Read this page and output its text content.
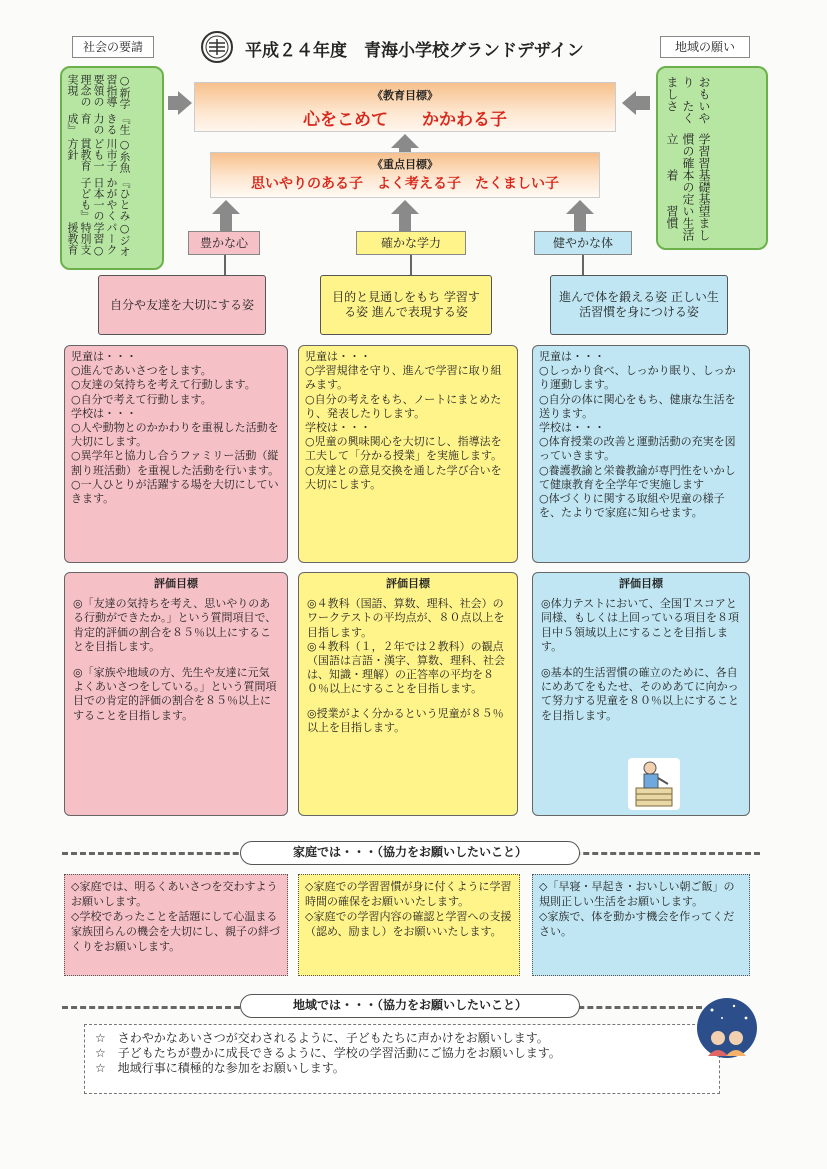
社会の要請	平成２４年度　青海小学校グランドデザイン	地域の願い
○新学習指導要領の理念の実現
『生きる力の育成』
○糸魚川市子ども一貫教育方針
『ひとみかがやく日本一の子ども』
○ジオパーク学習○特別支援教育
おもいやり　たくましさ
学習習慣の確立
基礎基本の定着
望ましい生活習慣
《教育目標》
心をこめて　　かかわる子
《重点目標》
思いやりのある子　よく考える子　たくましい子
豊かな心	確かな学力	健やかな体
自分や友達を大切にする姿
目的と見通しをもち 学習する姿 進んで表現する姿
進んで体を鍛える姿 正しい生活習慣を身につける姿
児童は・・・
○進んであいさつをします。
○友達の気持ちを考えて行動します。
○自分で考えて行動します。
学校は・・・
○人や動物とのかかわりを重視した活動を大切にします。
○異学年と協力し合うファミリー活動（縦割り班活動）を重視した活動を行います。
○一人ひとりが活躍する場を大切にしていきます。
児童は・・・
○学習規律を守り、進んで学習に取り組みます。
○自分の考えをもち、ノートにまとめたり、発表したりします。
学校は・・・
○児童の興味関心を大切にし、指導法を工夫して「分かる授業」を実施します。
○友達との意見交換を通した学び合いを大切にします。
児童は・・・
○しっかり食べ、しっかり眠り、しっかり運動します。
○自分の体に関心をもち、健康な生活を送ります。
学校は・・・
○体育授業の改善と運動活動の充実を図っていきます。
○養護教諭と栄養教諭が専門性をいかして健康教育を全学年で実施します
○体づくりに関する取組や児童の様子を、たよりで家庭に知らせます。
評価目標
◎「友達の気持ちを考え、思いやりのある行動ができたか。」という質問項目で、肯定的評価の割合を８５％以上にすることを目指します。
◎「家族や地域の方、先生や友達に元気よくあいさつをしている。」という質問項目での肯定的評価の割合を８５％以上にすることを目指します。
評価目標
◎４教科（国語、算数、理科、社会）のワークテストの平均点が、８０点以上を目指します。
◎４教科（１，２年では２教科）の観点（国語は言語・漢字、算数、理科、社会は、知識・理解）の正答率の平均を８０％以上にすることを目指します。
◎授業がよく分かるという児童が８５％以上を目指します。
評価目標
◎体力テストにおいて、全国Ｔスコアと同様、もしくは上回っている項目を８項目中５領域以上にすることを目指します。
◎基本的生活習慣の確立のために、各自にめあてをもたせ、そのめあてに向かって努力する児童を８０％以上にすることを目指します。
家庭では・・・（協力をお願いしたいこと）
◇家庭では、明るくあいさつを交わすようお願いします。
◇学校であったことを話題にして心温まる家族団らんの機会を大切にし、親子の絆づくりをお願いします。
◇家庭での学習習慣が身に付くように学習時間の確保をお願いいたします。
◇家庭での学習内容の確認と学習への支援（認め、励まし）をお願いいたします。
◇「早寝・早起き・おいしい朝ご飯」の規則正しい生活をお願いします。
◇家族で、体を動かす機会を作ってください。
地域では・・・（協力をお願いしたいこと）
☆　さわやかなあいさつが交わされるように、子どもたちに声かけをお願いします。
☆　子どもたちが豊かに成長できるように、学校の学習活動にご協力をお願いします。
☆　地域行事に積極的な参加をお願いします。
